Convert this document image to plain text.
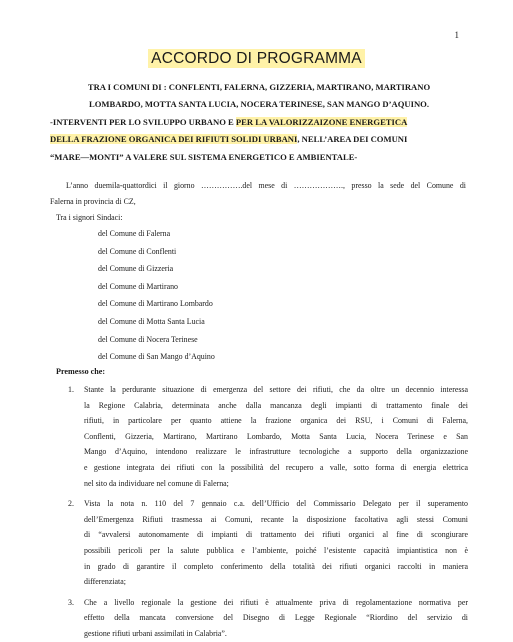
1
ACCORDO DI PROGRAMMA
TRA I COMUNI DI : CONFLENTI, FALERNA, GIZZERIA, MARTIRANO, MARTIRANO
LOMBARDO, MOTTA SANTA LUCIA, NOCERA TERINESE, SAN MANGO D’AQUINO.
-INTERVENTI PER LO SVILUPPO URBANO E PER LA VALORIZZAIZONE ENERGETICA
DELLA FRAZIONE ORGANICA DEI RIFIUTI SOLIDI URBANI, NELL’AREA DEI COMUNI
“MARE—MONTI” A VALERE SUL SISTEMA ENERGETICO E AMBIENTALE-
L’anno duemila-quattordici il giorno …………….del mese di ………………., presso la sede del Comune di
Falerna in provincia di CZ,
Tra i signori Sindaci:
del Comune di Falerna
del Comune di Conflenti
del Comune di Gizzeria
del Comune di Martirano
del Comune di Martirano Lombardo
del Comune di Motta Santa Lucia
del Comune di Nocera Terinese
del Comune di San Mango d’Aquino
Premesso che:
1. Stante la perdurante situazione di emergenza del settore dei rifiuti, che da oltre un decennio interessa
la Regione Calabria, determinata anche dalla mancanza degli impianti di trattamento finale dei
rifiuti, in particolare per quanto attiene la frazione organica dei RSU, i Comuni di Falerna,
Conflenti, Gizzeria, Martirano, Martirano Lombardo, Motta Santa Lucia, Nocera Terinese e San
Mango d’Aquino, intendono realizzare le infrastrutture tecnologiche a supporto della organizzazione
e gestione integrata dei rifiuti con la possibilità del recupero a valle, sotto forma di energia elettrica
nel sito da individuare nel comune di Falerna;
2. Vista la nota n. 110 del 7 gennaio c.a. dell’Ufficio del Commissario Delegato per il superamento
dell’Emergenza Rifiuti trasmessa ai Comuni, recante la disposizione facoltativa agli stessi Comuni
di “avvalersi autonomamente di impianti di trattamento dei rifiuti organici al fine di scongiurare
possibili pericoli per la salute pubblica e l’ambiente, poiché l’esistente capacità impiantistica non è
in grado di garantire il completo conferimento della totalità dei rifiuti organici raccolti in maniera
differenziata;
3. Che a livello regionale la gestione dei rifiuti è attualmente priva di regolamentazione normativa per
effetto della mancata conversione del Disegno di Legge Regionale “Riordino del servizio di
gestione rifiuti urbani assimilati in Calabria”.
